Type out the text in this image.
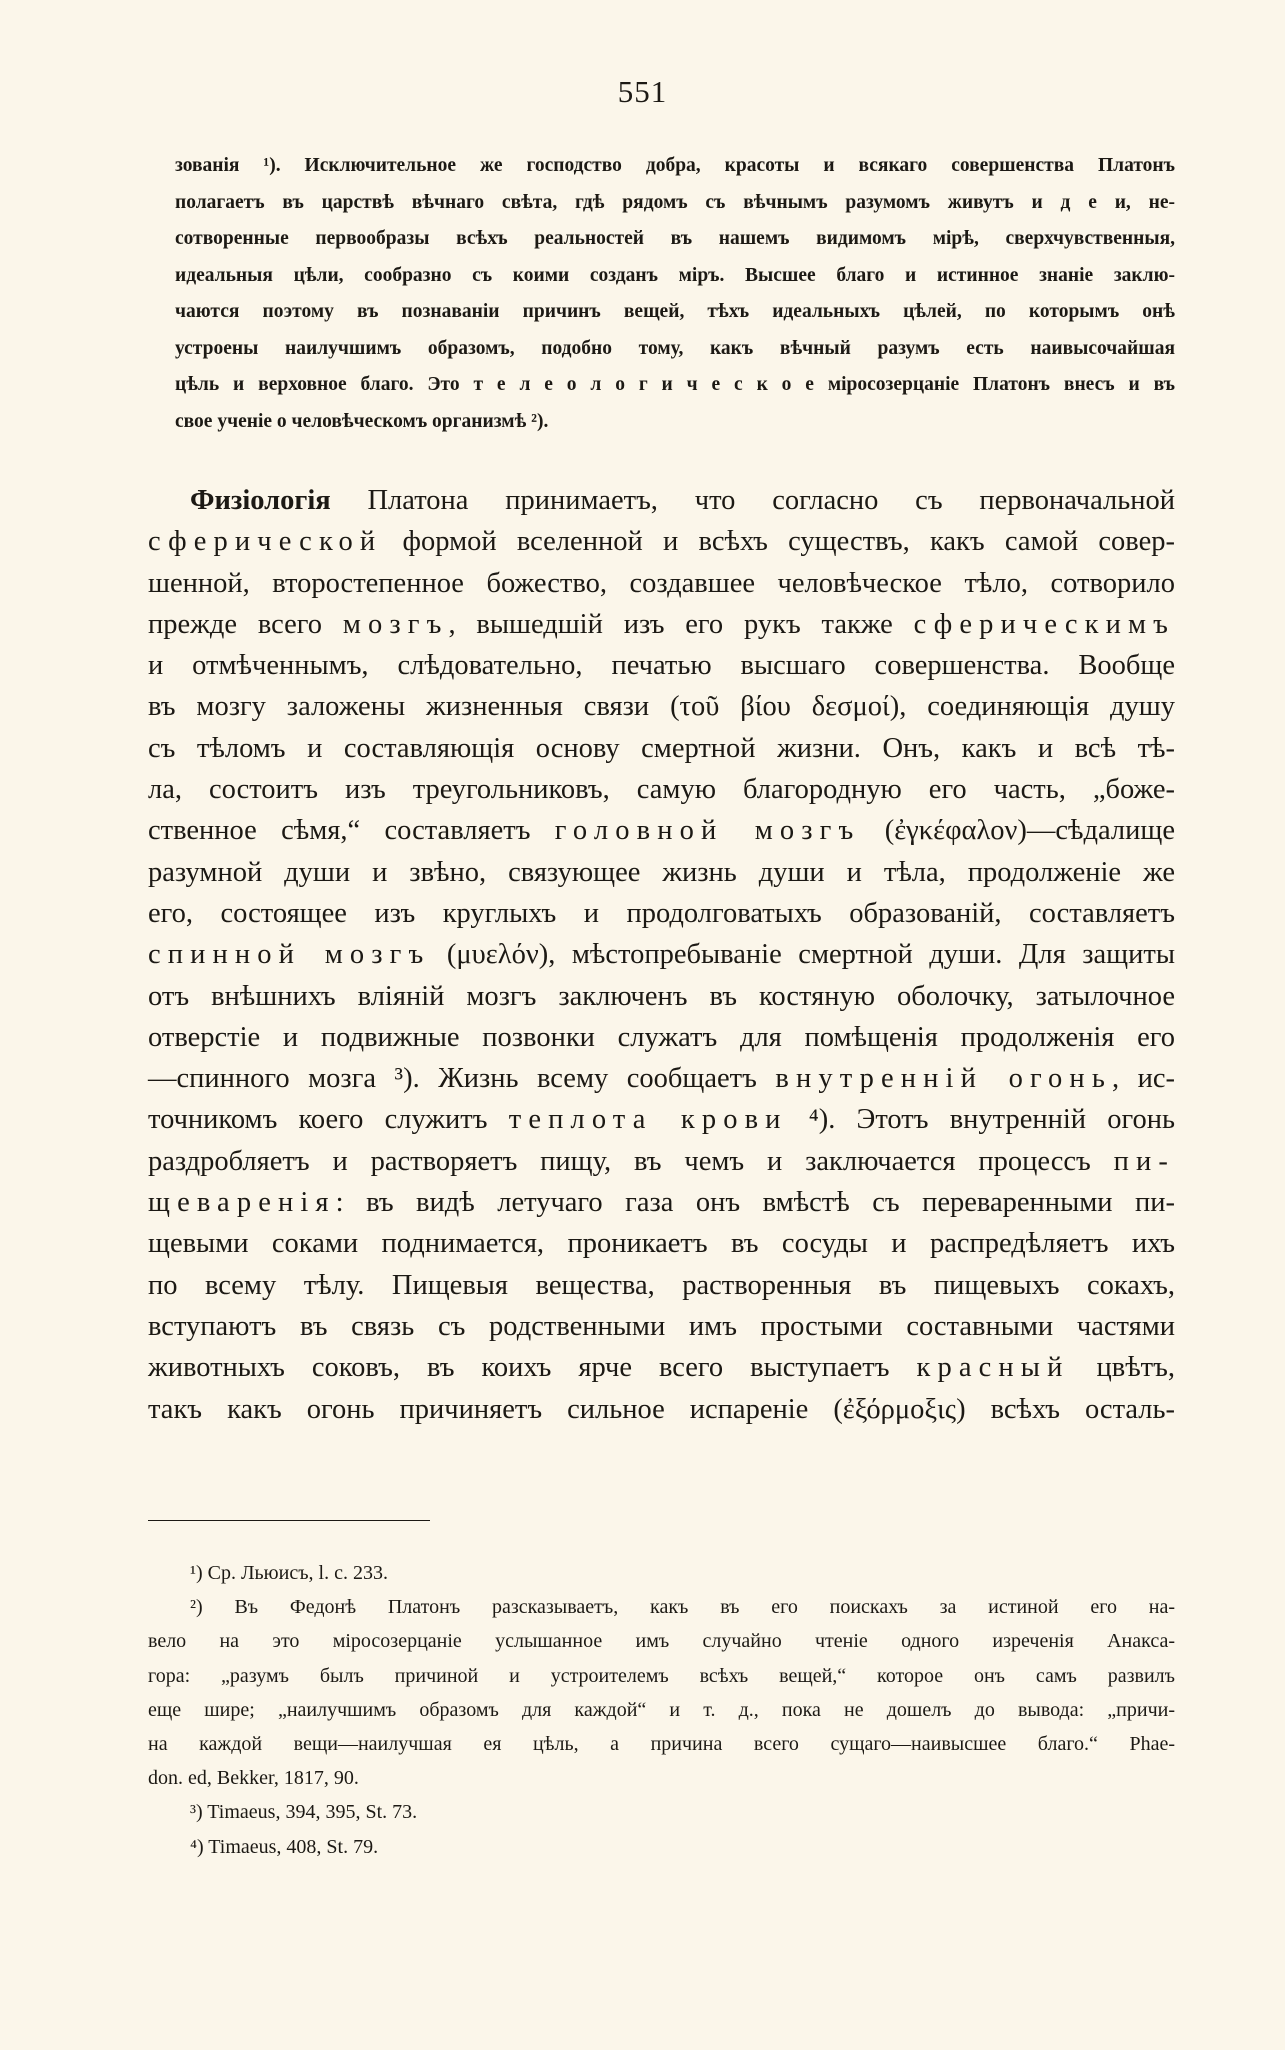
551
зованія ¹). Исключительное же господство добра, красоты и всякаго совершенства Платонъ
полагаетъ въ царствѣ вѣчнаго свѣта, гдѣ рядомъ съ вѣчнымъ разумомъ живутъ и д е и, не-
сотворенные первообразы всѣхъ реальностей въ нашемъ видимомъ мірѣ, сверхчувственныя,
идеальныя цѣли, сообразно съ коими созданъ міръ. Высшее благо и истинное знаніе заклю-
чаются поэтому въ познаваніи причинъ вещей, тѣхъ идеальныхъ цѣлей, по которымъ онѣ
устроены наилучшимъ образомъ, подобно тому, какъ вѣчный разумъ есть наивысочайшая
цѣль и верховное благо. Это т е л е о л о г и ч е с к о е міросозерцаніе Платонъ внесъ и въ
свое ученіе о человѣческомъ организмѣ ²).
Физіологія Платона принимаетъ, что согласно съ первоначальной
сферической формой вселенной и всѣхъ существъ, какъ самой совер-
шенной, второстепенное божество, создавшее человѣческое тѣло, сотворило
прежде всего мозгъ, вышедшій изъ его рукъ также сферическимъ
и отмѣченнымъ, слѣдовательно, печатью высшаго совершенства. Вообще
въ мозгу заложены жизненныя связи (τοῦ βίου δεσμοί), соединяющія душу
съ тѣломъ и составляющія основу смертной жизни. Онъ, какъ и всѣ тѣ-
ла, состоитъ изъ треугольниковъ, самую благородную его часть, „боже-
ственное сѣмя,“ составляетъ головной мозгъ (ἐγκέφαλον)—сѣдалище
разумной души и звѣно, связующее жизнь души и тѣла, продолженіе же
его, состоящее изъ круглыхъ и продолговатыхъ образованій, составляетъ
спинной мозгъ (μυελόν), мѣстопребываніе смертной души. Для защиты
отъ внѣшнихъ вліяній мозгъ заключенъ въ костяную оболочку, затылочное
отверстіе и подвижные позвонки служатъ для помѣщенія продолженія его
—спинного мозга ³). Жизнь всему сообщаетъ внутренній огонь, ис-
точникомъ коего служитъ теплота крови ⁴). Этотъ внутренній огонь
раздробляетъ и растворяетъ пищу, въ чемъ и заключается процессъ пи-
щеваренія: въ видѣ летучаго газа онъ вмѣстѣ съ переваренными пи-
щевыми соками поднимается, проникаетъ въ сосуды и распредѣляетъ ихъ
по всему тѣлу. Пищевыя вещества, растворенныя въ пищевыхъ сокахъ,
вступаютъ въ связь съ родственными имъ простыми составными частями
животныхъ соковъ, въ коихъ ярче всего выступаетъ красный цвѣтъ,
такъ какъ огонь причиняетъ сильное испареніе (ἐξόρμοξις) всѣхъ осталь-
¹) Ср. Льюисъ, l. c. 233.
²) Въ Федонѣ Платонъ разсказываетъ, какъ въ его поискахъ за истиной его на-
вело на это міросозерцаніе услышанное имъ случайно чтеніе одного изреченія Анакса-
гора: „разумъ былъ причиной и устроителемъ всѣхъ вещей,“ которое онъ самъ развилъ
еще шире; „наилучшимъ образомъ для каждой“ и т. д., пока не дошелъ до вывода: „причи-
на каждой вещи—наилучшая ея цѣль, а причина всего сущаго—наивысшее благо.“ Phae-
don. ed, Bekker, 1817, 90.
³) Timaeus, 394, 395, St. 73.
⁴) Timaeus, 408, St. 79.
